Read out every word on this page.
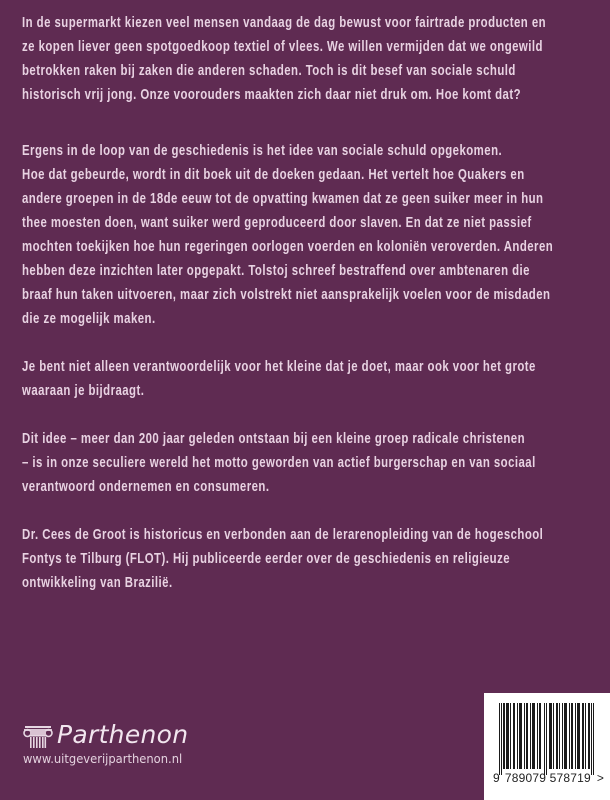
In de supermarkt kiezen veel mensen vandaag de dag bewust voor fairtrade producten en
ze kopen liever geen spotgoedkoop textiel of vlees. We willen vermijden dat we ongewild
betrokken raken bij zaken die anderen schaden. Toch is dit besef van sociale schuld
historisch vrij jong. Onze voorouders maakten zich daar niet druk om. Hoe komt dat?
Ergens in de loop van de geschiedenis is het idee van sociale schuld opgekomen.
Hoe dat gebeurde, wordt in dit boek uit de doeken gedaan. Het vertelt hoe Quakers en
andere groepen in de 18de eeuw tot de opvatting kwamen dat ze geen suiker meer in hun
thee moesten doen, want suiker werd geproduceerd door slaven. En dat ze niet passief
mochten toekijken hoe hun regeringen oorlogen voerden en koloniën veroverden. Anderen
hebben deze inzichten later opgepakt. Tolstoj schreef bestraffend over ambtenaren die
braaf hun taken uitvoeren, maar zich volstrekt niet aansprakelijk voelen voor de misdaden
die ze mogelijk maken.
Je bent niet alleen verantwoordelijk voor het kleine dat je doet, maar ook voor het grote
waaraan je bijdraagt.
Dit idee – meer dan 200 jaar geleden ontstaan bij een kleine groep radicale christenen
– is in onze seculiere wereld het motto geworden van actief burgerschap en van sociaal
verantwoord ondernemen en consumeren.
Dr. Cees de Groot is historicus en verbonden aan de lerarenopleiding van de hogeschool
Fontys te Tilburg (FLOT). Hij publiceerde eerder over de geschiedenis en religieuze
ontwikkeling van Brazilië.
Parthenon
www.uitgeverijparthenon.nl
9 789079 578719 >
